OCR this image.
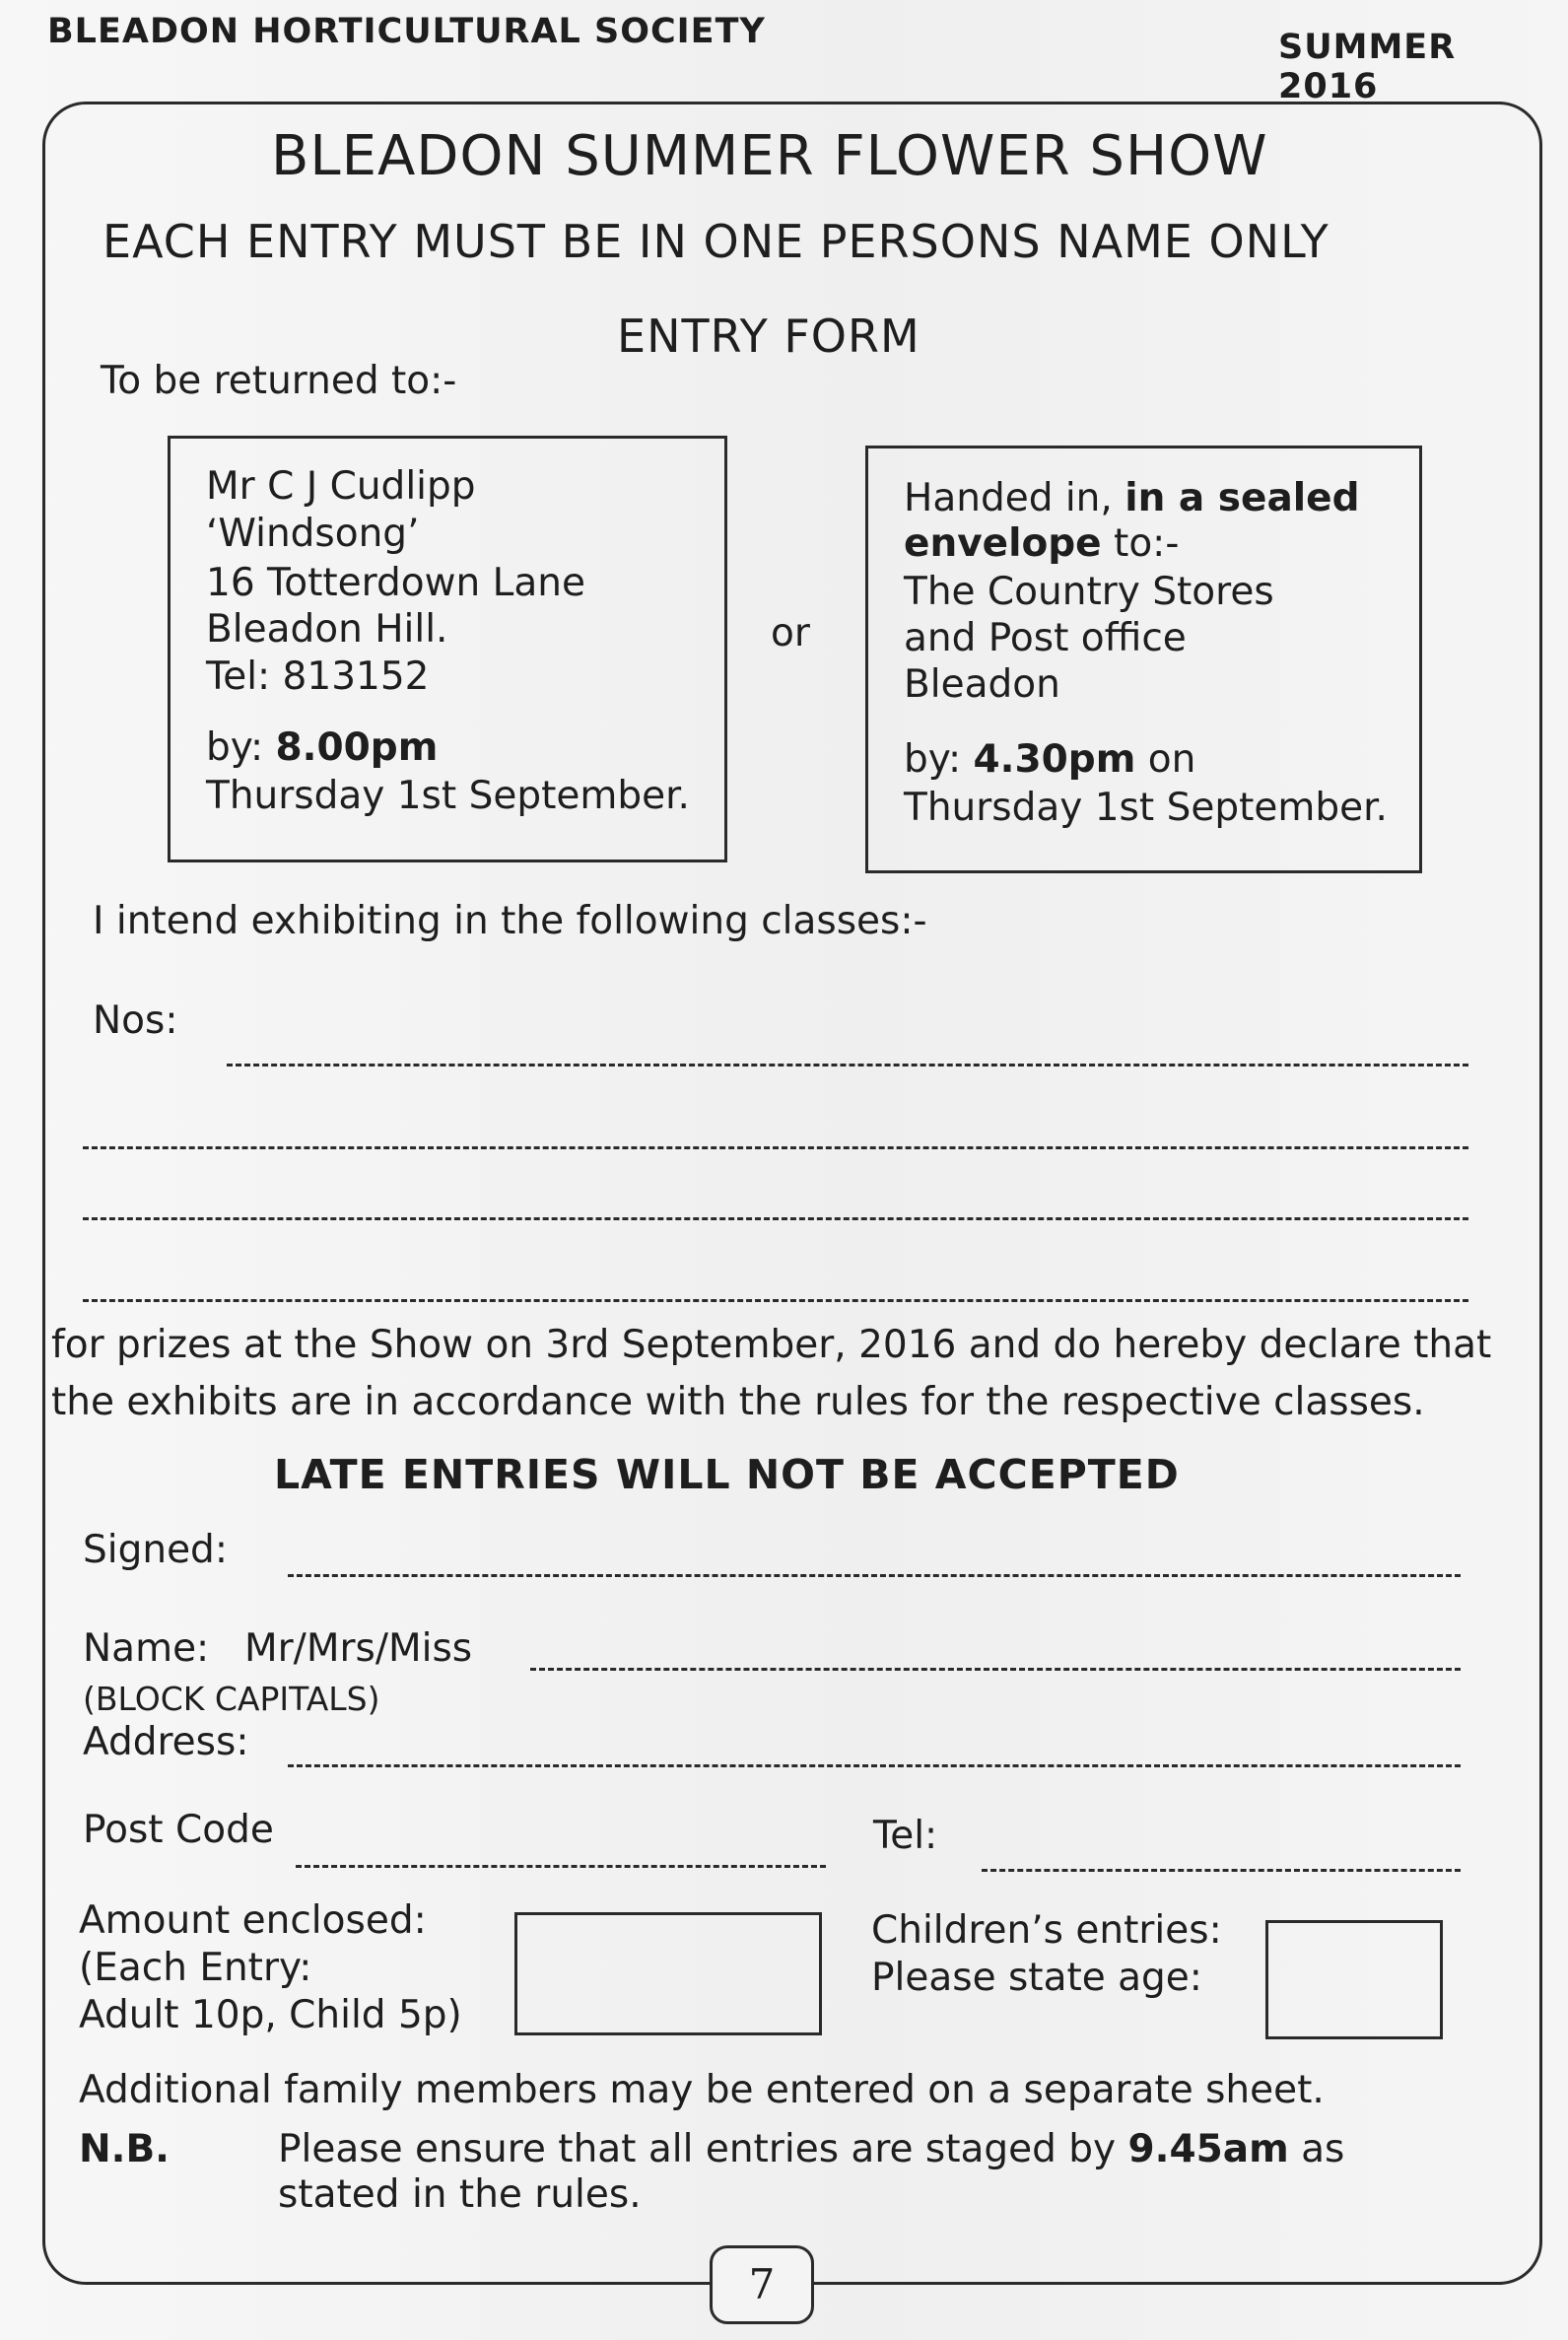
BLEADON HORTICULTURAL SOCIETY	SUMMER 2016
BLEADON SUMMER FLOWER SHOW
EACH ENTRY MUST BE IN ONE PERSONS NAME ONLY
ENTRY FORM
To be returned to:-
Mr C J Cudlipp
‘Windsong’
16 Totterdown Lane
Bleadon Hill.
Tel: 813152
by: 8.00pm
Thursday 1st September.
or
Handed in, in a sealed
envelope to:-
The Country Stores
and Post office
Bleadon
by: 4.30pm on
Thursday 1st September.
I intend exhibiting in the following classes:-
Nos:
for prizes at the Show on 3rd September, 2016 and do hereby declare that
the exhibits are in accordance with the rules for the respective classes.
LATE ENTRIES WILL NOT BE ACCEPTED
Signed:
Name: Mr/Mrs/Miss
(BLOCK CAPITALS)
Address:
Post Code	Tel:
Amount enclosed:
(Each Entry:
Adult 10p, Child 5p)
Children’s entries:
Please state age:
Additional family members may be entered on a separate sheet.
N.B.	Please ensure that all entries are staged by 9.45am as
stated in the rules.
7
